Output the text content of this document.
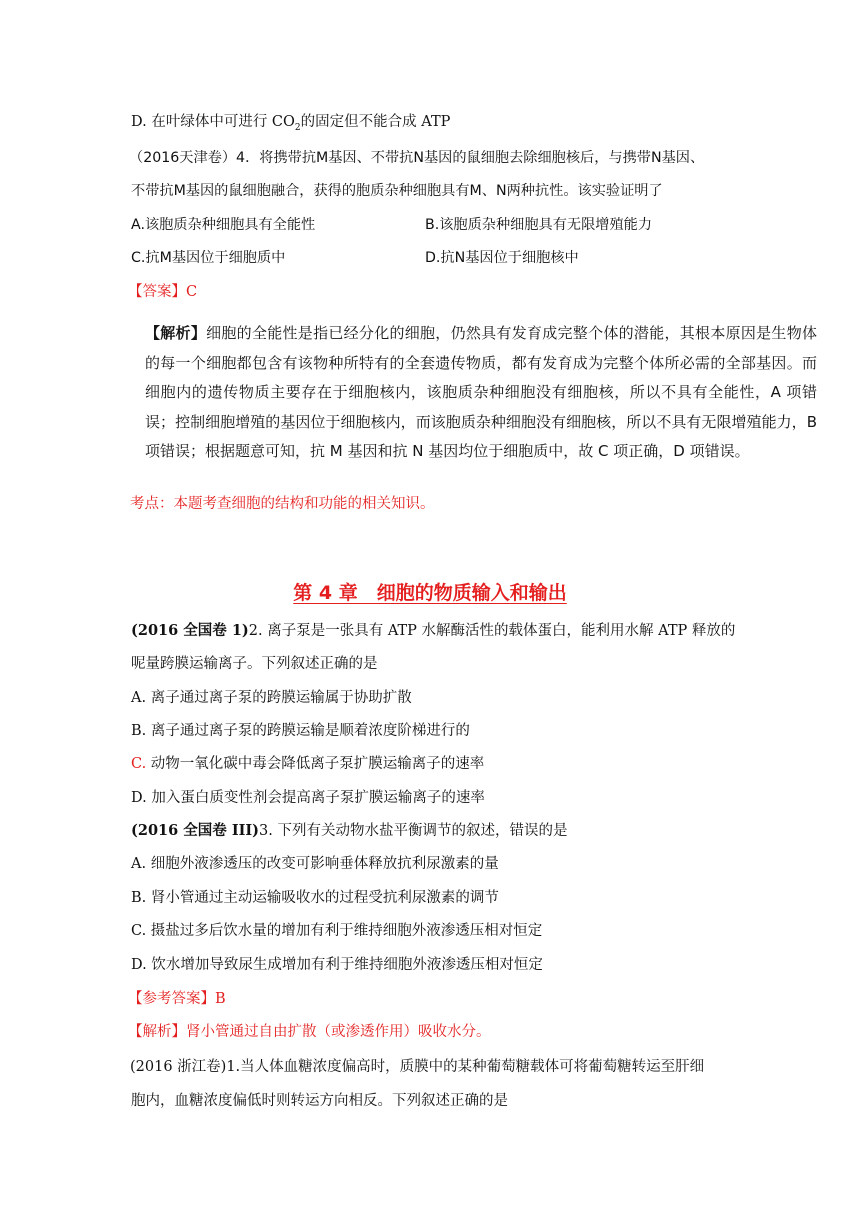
D. 在叶绿体中可进行 $CO_2$的固定但不能合成 ATP
（2016天津卷）4．将携带抗M基因、不带抗N基因的鼠细胞去除细胞核后，与携带N基因、
不带抗M基因的鼠细胞融合，获得的胞质杂种细胞具有M、N两种抗性。该实验证明了
A.该胞质杂种细胞具有全能性	B.该胞质杂种细胞具有无限增殖能力
C.抗M基因位于细胞质中	D.抗N基因位于细胞核中
【答案】C
【解析】细胞的全能性是指已经分化的细胞，仍然具有发育成完整个体的潜能，其根本原因是生物体的每一个细胞都包含有该物种所特有的全套遗传物质，都有发育成为完整个体所必需的全部基因。而细胞内的遗传物质主要存在于细胞核内，该胞质杂种细胞没有细胞核，所以不具有全能性，A 项错误；控制细胞增殖的基因位于细胞核内，而该胞质杂种细胞没有细胞核，所以不具有无限增殖能力，B 项错误；根据题意可知，抗 M 基因和抗 N 基因均位于细胞质中，故 C 项正确，D 项错误。
考点：本题考查细胞的结构和功能的相关知识。
第 4 章　细胞的物质输入和输出
(2016 全国卷 1)2. 离子泵是一张具有 ATP 水解酶活性的载体蛋白，能利用水解 ATP 释放的
呢量跨膜运输离子。下列叙述正确的是
A. 离子通过离子泵的跨膜运输属于协助扩散
B. 离子通过离子泵的跨膜运输是顺着浓度阶梯进行的
C. 动物一氧化碳中毒会降低离子泵扩膜运输离子的速率
D. 加入蛋白质变性剂会提高离子泵扩膜运输离子的速率
(2016 全国卷 III)3. 下列有关动物水盐平衡调节的叙述，错误的是
A. 细胞外液渗透压的改变可影响垂体释放抗利尿激素的量
B. 肾小管通过主动运输吸收水的过程受抗利尿激素的调节
C. 摄盐过多后饮水量的增加有利于维持细胞外液渗透压相对恒定
D. 饮水增加导致尿生成增加有利于维持细胞外液渗透压相对恒定
【参考答案】B
【解析】肾小管通过自由扩散（或渗透作用）吸收水分。
(2016 浙江卷)1.当人体血糖浓度偏高时，质膜中的某种葡萄糖载体可将葡萄糖转运至肝细
胞内，血糖浓度偏低时则转运方向相反。下列叙述正确的是
